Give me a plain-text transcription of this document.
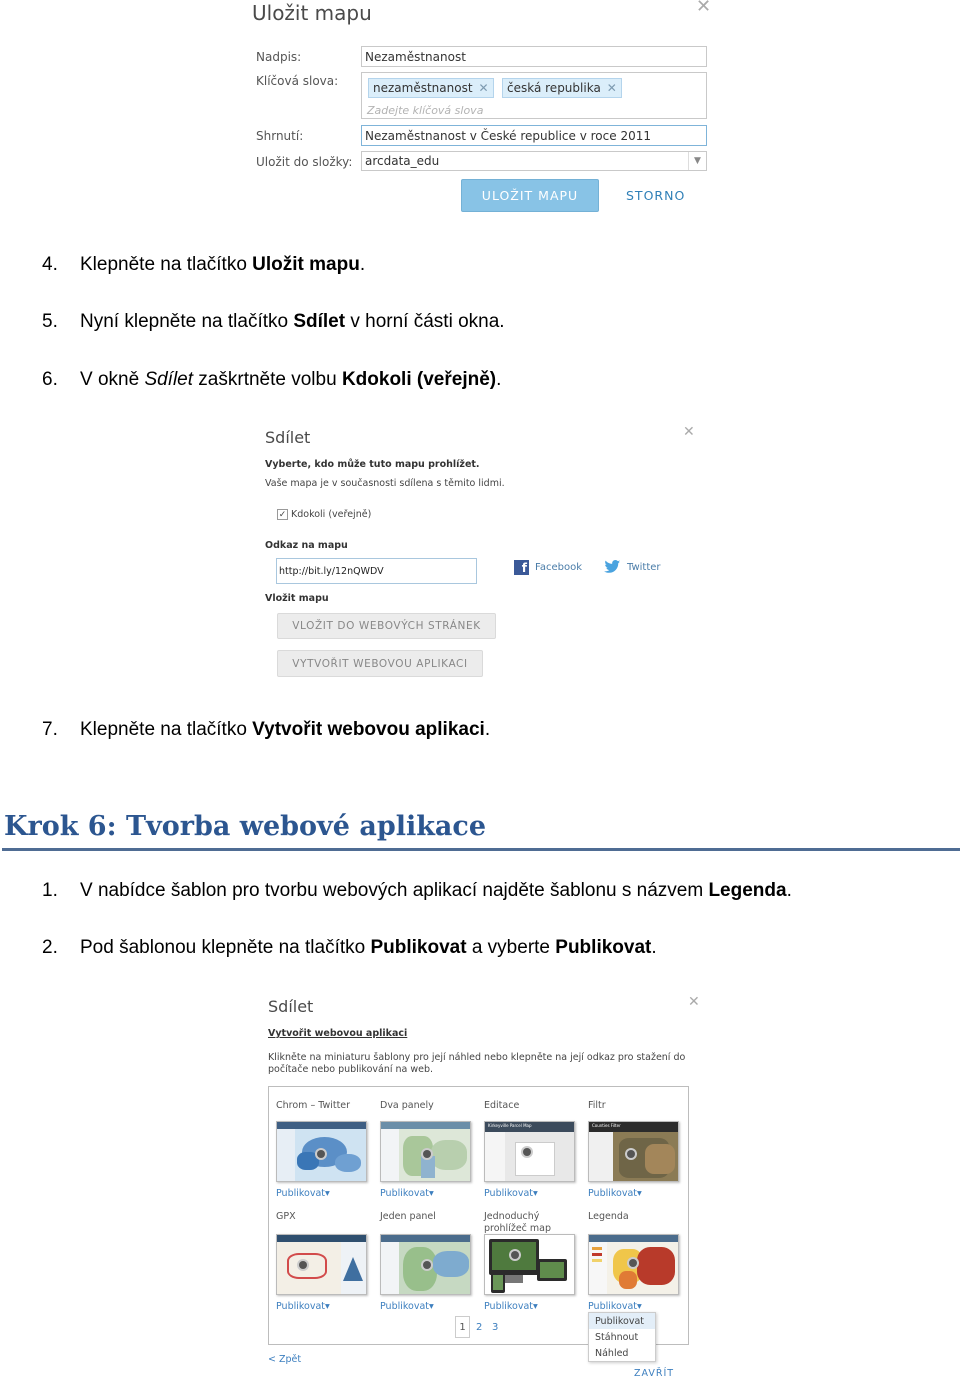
Uložit mapu	✕
Nadpis:	Nezaměstnanost
Klíčová slova:	nezaměstnanost ✕ česká republika ✕
Zadejte klíčová slova
Shrnutí:	Nezaměstnanost v České republice v roce 2011
Uložit do složky: arcdata_edu	▼
ULOŽIT MAPU	STORNO
4. Klepněte na tlačítko Uložit mapu.
5. Nyní klepněte na tlačítko Sdílet v horní části okna.
6. V okně Sdílet zaškrtněte volbu Kdokoli (veřejně).
Sdílet	✕
Vyberte, kdo může tuto mapu prohlížet.
Vaše mapa je v současnosti sdílena s těmito lidmi.
✓ Kdokoli (veřejně)
Odkaz na mapu
http://bit.ly/12nQWDV	f Facebook	Twitter
Vložit mapu
VLOŽIT DO WEBOVÝCH STRÁNEK
VYTVOŘIT WEBOVOU APLIKACI
7. Klepněte na tlačítko Vytvořit webovou aplikaci.
Krok 6: Tvorba webové aplikace
1. V nabídce šablon pro tvorbu webových aplikací najděte šablonu s názvem Legenda.
2. Pod šablonou klepněte na tlačítko Publikovat a vyberte Publikovat.
Sdílet	✕
Vytvořit webovou aplikaci
Klikněte na miniaturu šablony pro její náhled nebo klepněte na její odkaz pro stažení do
počítače nebo publikování na web.
Chrom – Twitter	Dva panely	Editace	Filtr
Kirkeyville Parcel Map	Counties Filter
Publikovat▾	Publikovat▾	Publikovat▾	Publikovat▾
GPX	Jeden panel	Jednoduchý prohlížeč map
Legenda
Publikovat▾	Publikovat▾	Publikovat▾	Publikovat▾
1	2 3
Publikovat
Stáhnout
Náhled
< Zpět
ZAVŘÍT
